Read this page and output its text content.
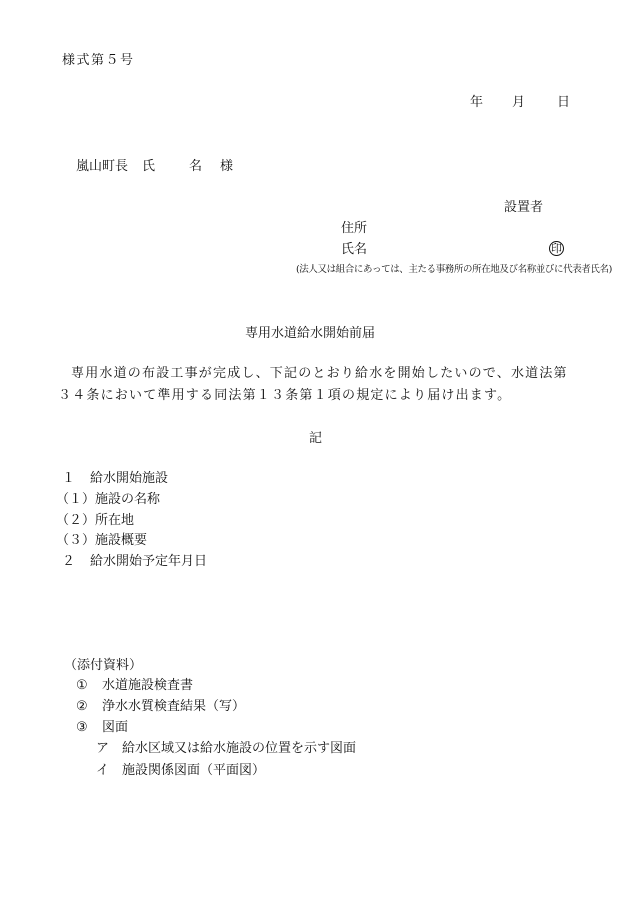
様式第５号
年 月 日
嵐山町長 氏	名 様
設置者
住所
氏名	印
(法人又は組合にあっては、主たる事務所の所在地及び名称並びに代表者氏名)
専用水道給水開始前届
専用水道の布設工事が完成し、下記のとおり給水を開始したいので、水道法第３４条において準用する同法第１３条第１項の規定により届け出ます。
記
１ 給水開始施設
（１）施設の名称
（２）所在地
（３）施設概要
２ 給水開始予定年月日
（添付資料）
① 水道施設検査書
② 浄水水質検査結果（写）
③ 図面
ア 給水区域又は給水施設の位置を示す図面
イ 施設関係図面（平面図）
